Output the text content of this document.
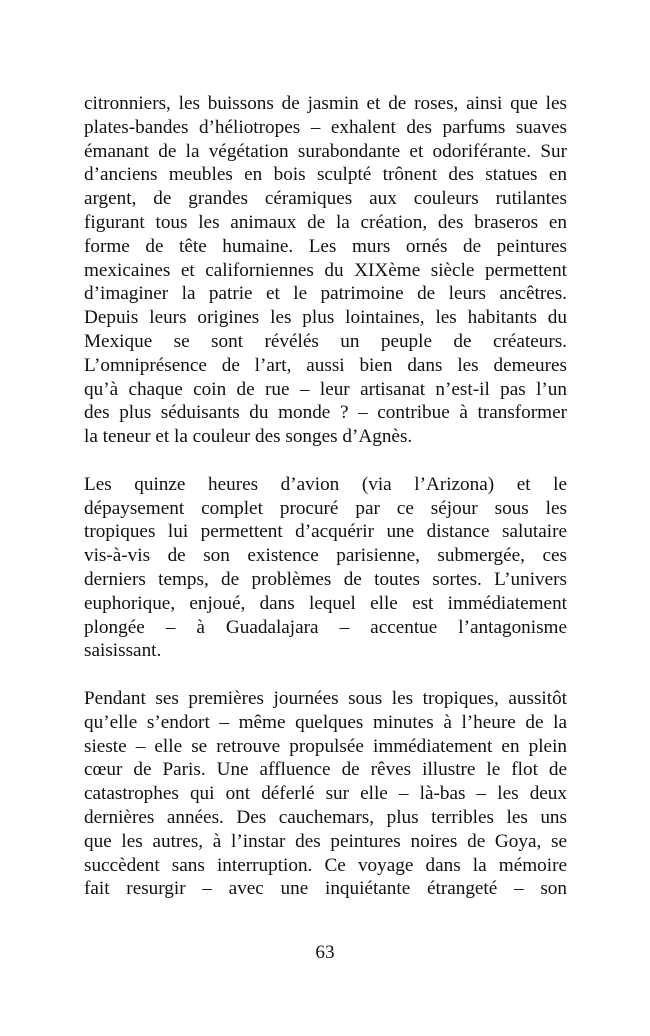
citronniers, les buissons de jasmin et de roses, ainsi que les
plates-bandes d’héliotropes – exhalent des parfums suaves
émanant de la végétation surabondante et odoriférante. Sur
d’anciens meubles en bois sculpté trônent des statues en
argent, de grandes céramiques aux couleurs rutilantes
figurant tous les animaux de la création, des braseros en
forme de tête humaine. Les murs ornés de peintures
mexicaines et californiennes du XIXème siècle permettent
d’imaginer la patrie et le patrimoine de leurs ancêtres.
Depuis leurs origines les plus lointaines, les habitants du
Mexique se sont révélés un peuple de créateurs.
L’omniprésence de l’art, aussi bien dans les demeures
qu’à chaque coin de rue – leur artisanat n’est-il pas l’un
des plus séduisants du monde ? – contribue à transformer
la teneur et la couleur des songes d’Agnès.
Les quinze heures d’avion (via l’Arizona) et le
dépaysement complet procuré par ce séjour sous les
tropiques lui permettent d’acquérir une distance salutaire
vis-à-vis de son existence parisienne, submergée, ces
derniers temps, de problèmes de toutes sortes. L’univers
euphorique, enjoué, dans lequel elle est immédiatement
plongée – à Guadalajara – accentue l’antagonisme
saisissant.
Pendant ses premières journées sous les tropiques, aussitôt
qu’elle s’endort – même quelques minutes à l’heure de la
sieste – elle se retrouve propulsée immédiatement en plein
cœur de Paris. Une affluence de rêves illustre le flot de
catastrophes qui ont déferlé sur elle – là-bas – les deux
dernières années. Des cauchemars, plus terribles les uns
que les autres, à l’instar des peintures noires de Goya, se
succèdent sans interruption. Ce voyage dans la mémoire
fait resurgir – avec une inquiétante étrangeté – son
63
